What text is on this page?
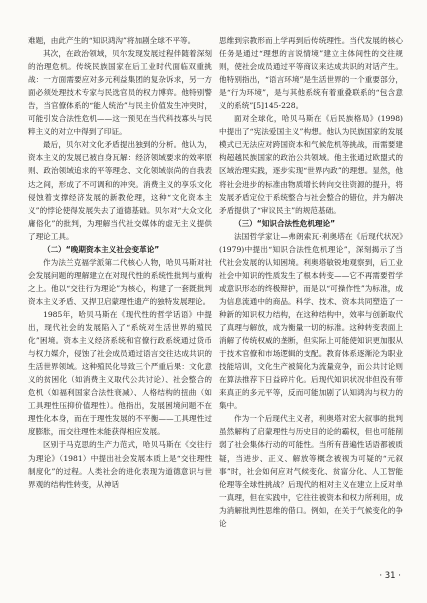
难题，由此产生的“知识鸿沟”将加剧全球不平等。

其次，在政治领域，贝尔发现发展过程伴随着深刻的治理危机。传统民族国家在后工业时代面临双重挑战：一方面需要应对多元利益集团的复杂诉求，另一方面必须处理技术专家与民选官员的权力博弈。他特别警告，当官僚体系的“能人统治”与民主价值发生冲突时，可能引发合法性危机——这一预见在当代科技寡头与民粹主义的对立中得到了印证。

最后，贝尔对文化矛盾提出独到的分析。他认为，资本主义的发展已被自身瓦解：经济领域要求的效率原则、政治领域追求的平等理念、文化领域崇尚的自我表达之间，形成了不可调和的冲突。消费主义的享乐文化侵蚀着支撑经济发展的新教伦理，这种“文化资本主义”的悖论使得发展失去了道德基础。贝尔对“大众文化庸俗化”的批判，为理解当代社交媒体的虚无主义提供了理论工具。

（二）“晚期资本主义社会变革论”

作为法兰克福学派第二代核心人物，哈贝马斯对社会发展问题的理解建立在对现代性的系统性批判与重构之上。他以“交往行为理论”为核心，构建了一套既批判资本主义矛盾、又捍卫启蒙理性遗产的独特发展理论。

1985年，哈贝马斯在《现代性的哲学话语》中提出，现代社会的发展陷入了“系统对生活世界的殖民化”困境。资本主义经济系统和官僚行政系统通过货币与权力媒介，侵蚀了社会成员通过语言交往达成共识的生活世界领域。这种殖民化导致三个严重后果：文化意义的贫困化（如消费主义取代公共讨论）、社会整合的危机（如福利国家合法性衰减）、人格结构的扭曲（如工具理性压抑价值理性）。他指出，发展困境问题不在理性化本身，而在于理性发展的不平衡——工具理性过度膨胀，而交往理性未能获得相应发展。

区别于马克思的生产力范式，哈贝马斯在《交往行为理论》（1981）中提出社会发展本质上是“交往理性制度化”的过程。人类社会的进化表现为道德意识与世界观的结构性转变，从神话

思维到宗教形而上学再到后传统理性。当代发展的核心任务是通过“理想的言说情境”建立主体间性的交往规则，使社会成员通过平等商议来达成共识的对话产生。他特别指出，“语言环境”是生活世界的一个重要部分，是“行为环境”，是与其他系统有着重叠联系的“包含意义的系统”[5]145-228。

面对全球化，哈贝马斯在《后民族格局》(1998)中提出了“宪法爱国主义”构想。他认为民族国家的发展模式已无法应对跨国资本和气候危机等挑战，而需要建构超越民族国家的政治公共领域。他主张通过欧盟式的区域治理实践，逐步实现“世界内政”的理想。显然，他将社会进步的标准由物质增长转向交往资源的提升，将发展矛盾定位于系统整合与社会整合的错位，并为解决矛盾提供了“审议民主”的规范基础。

（三）“知识合法性危机理论”

法国哲学家让—弗朗索瓦·利奥塔在《后现代状况》(1979)中提出“知识合法性危机理论”，深刻揭示了当代社会发展的认知困境。利奥塔敏锐地观察到，后工业社会中知识的性质发生了根本转变——它不再需要哲学或意识形态的终极辩护，而是以“可操作性”为标准，成为信息流通中的商品。科学、技术、资本共同塑造了一种新的知识权力结构，在这种结构中，效率与创新取代了真理与解放，成为衡量一切的标准。这种转变表面上消解了传统权威的垄断，但实际上可能使知识更加服从于技术官僚和市场逻辑的支配。教育体系逐渐沦为职业技能培训，文化生产被简化为流量竞争，而公共讨论则在算法推荐下日益碎片化。后现代知识状况非但没有带来真正的多元平等，反而可能加剧了认知鸿沟与权力的集中。

作为一个后现代主义者，利奥塔对宏大叙事的批判虽然解构了启蒙理性与历史目的论的霸权，但也可能削弱了社会集体行动的可能性。当所有普遍性话语都被质疑，当进步、正义、解放等概念被视为可疑的“元叙事”时，社会如何应对气候变化、贫富分化、人工智能伦理等全球性挑战？后现代的相对主义在建立上反对单一真理，但在实践中，它往往被资本和权力所利用，成为消解批判性思维的借口。例如，在关于气候变化的争论

· 31 ·
